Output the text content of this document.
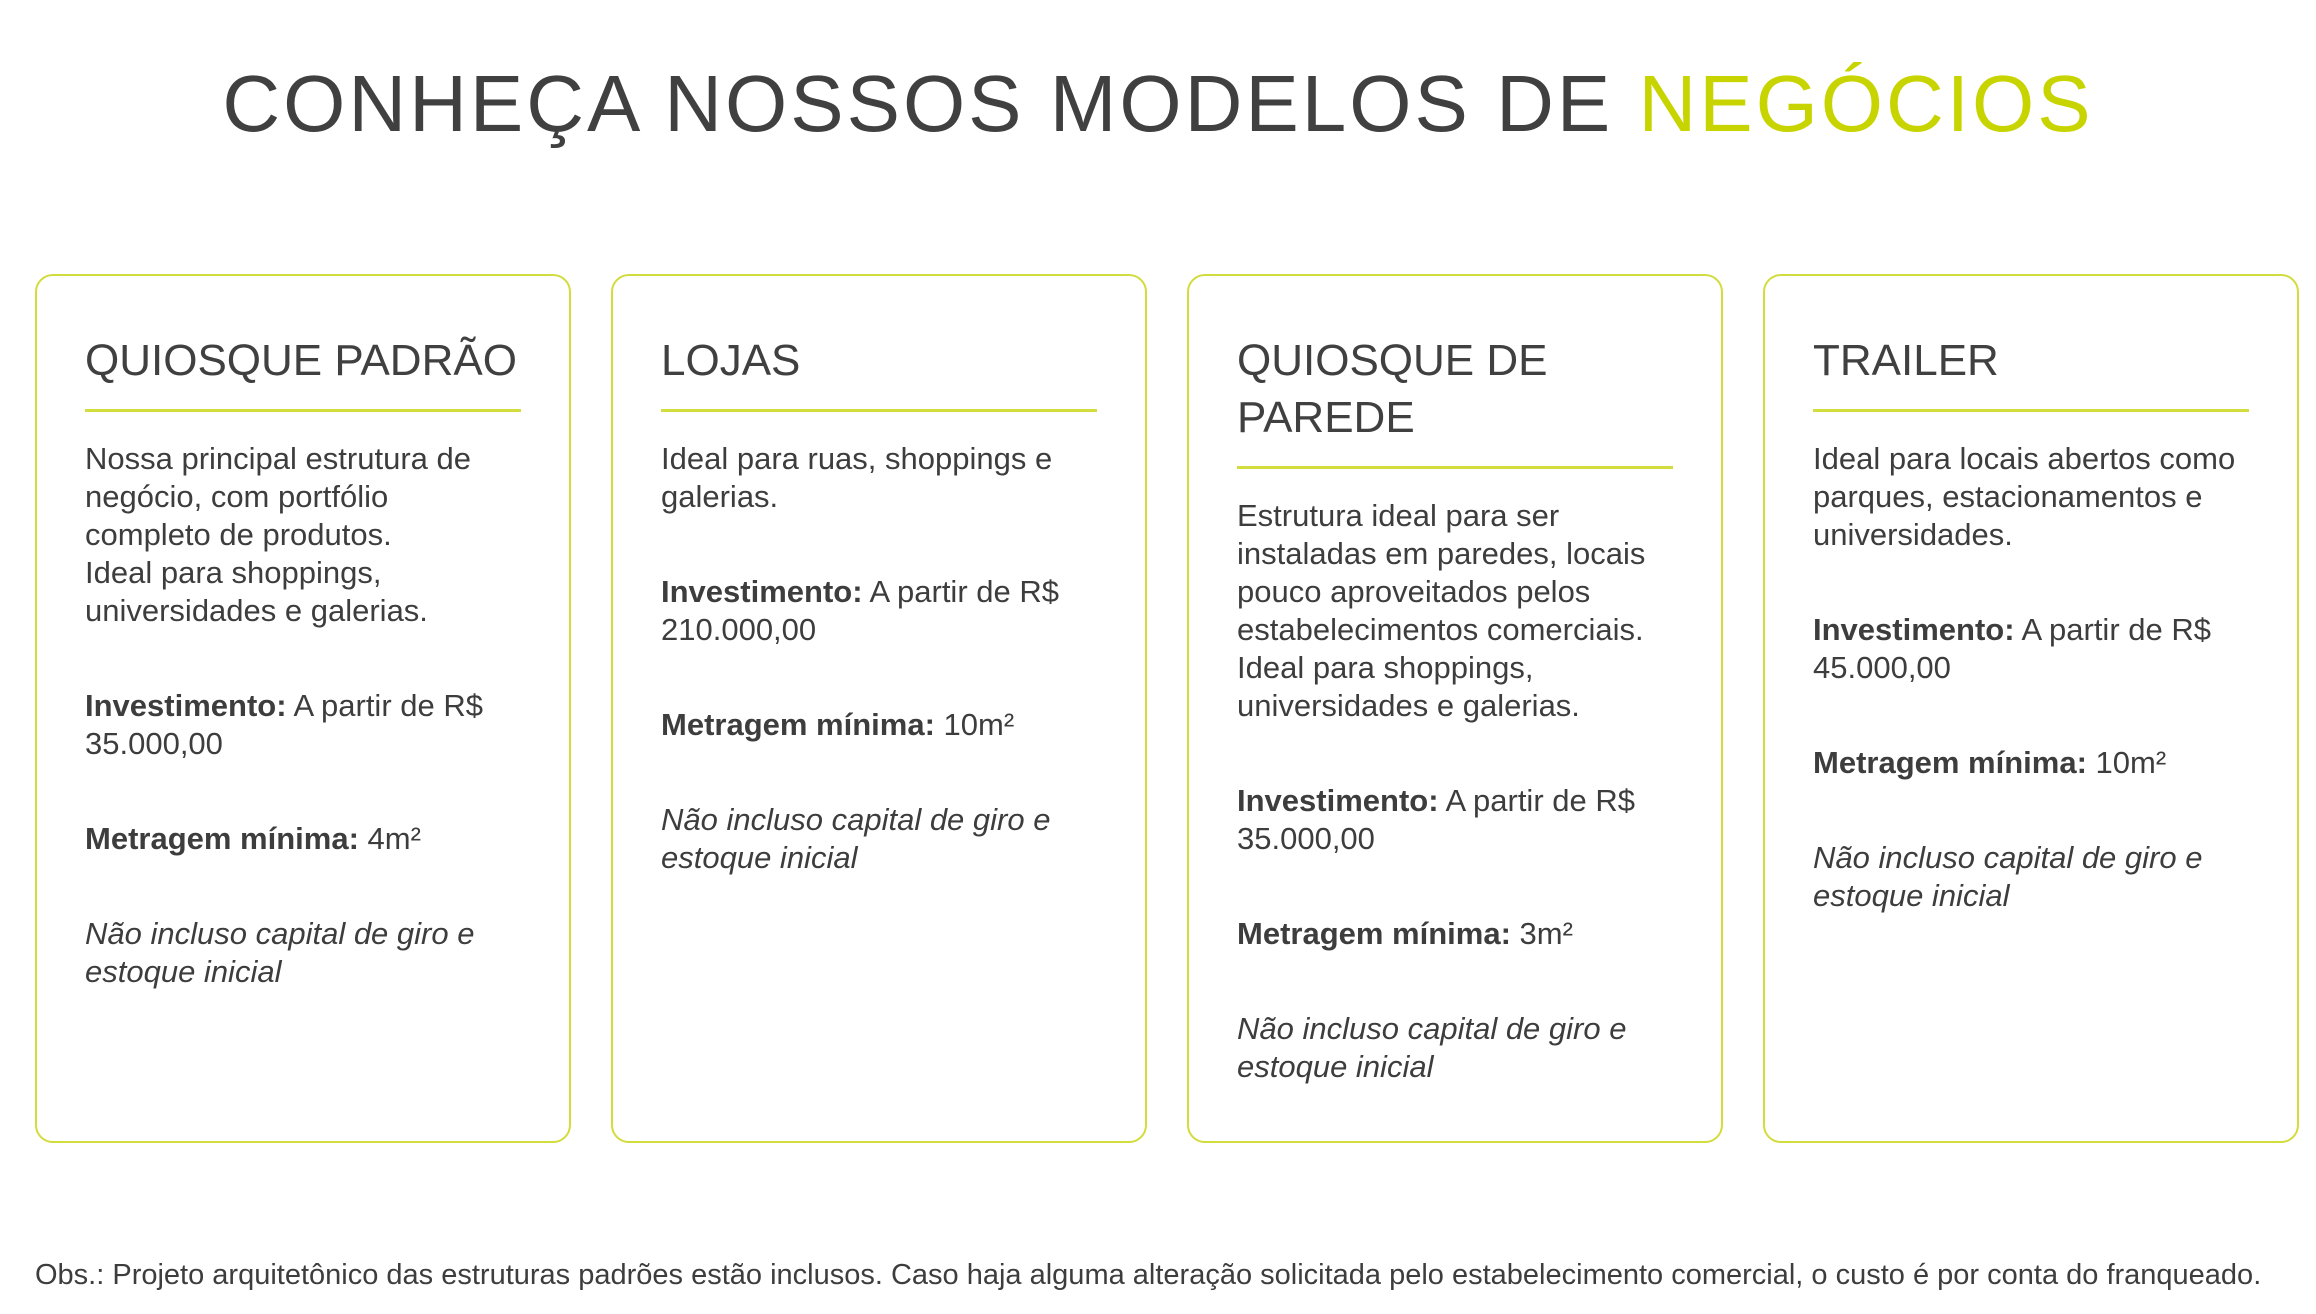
CONHEÇA NOSSOS MODELOS DE NEGÓCIOS
QUIOSQUE PADRÃO

Nossa principal estrutura de negócio, com portfólio completo de produtos.
Ideal para shoppings, universidades e galerias.

Investimento: A partir de R$ 35.000,00

Metragem mínima: 4m²

Não incluso capital de giro e estoque inicial

LOJAS

Ideal para ruas, shoppings e galerias.

Investimento: A partir de R$ 210.000,00

Metragem mínima: 10m²

Não incluso capital de giro e estoque inicial

QUIOSQUE DE PAREDE

Estrutura ideal para ser instaladas em paredes, locais pouco aproveitados pelos estabelecimentos comerciais.
Ideal para shoppings, universidades e galerias.

Investimento: A partir de R$ 35.000,00

Metragem mínima: 3m²

Não incluso capital de giro e estoque inicial

TRAILER

Ideal para locais abertos como parques, estacionamentos e universidades.

Investimento: A partir de R$ 45.000,00

Metragem mínima: 10m²

Não incluso capital de giro e estoque inicial

Obs.: Projeto arquitetônico das estruturas padrões estão inclusos. Caso haja alguma alteração solicitada pelo estabelecimento comercial, o custo é por conta do franqueado.
